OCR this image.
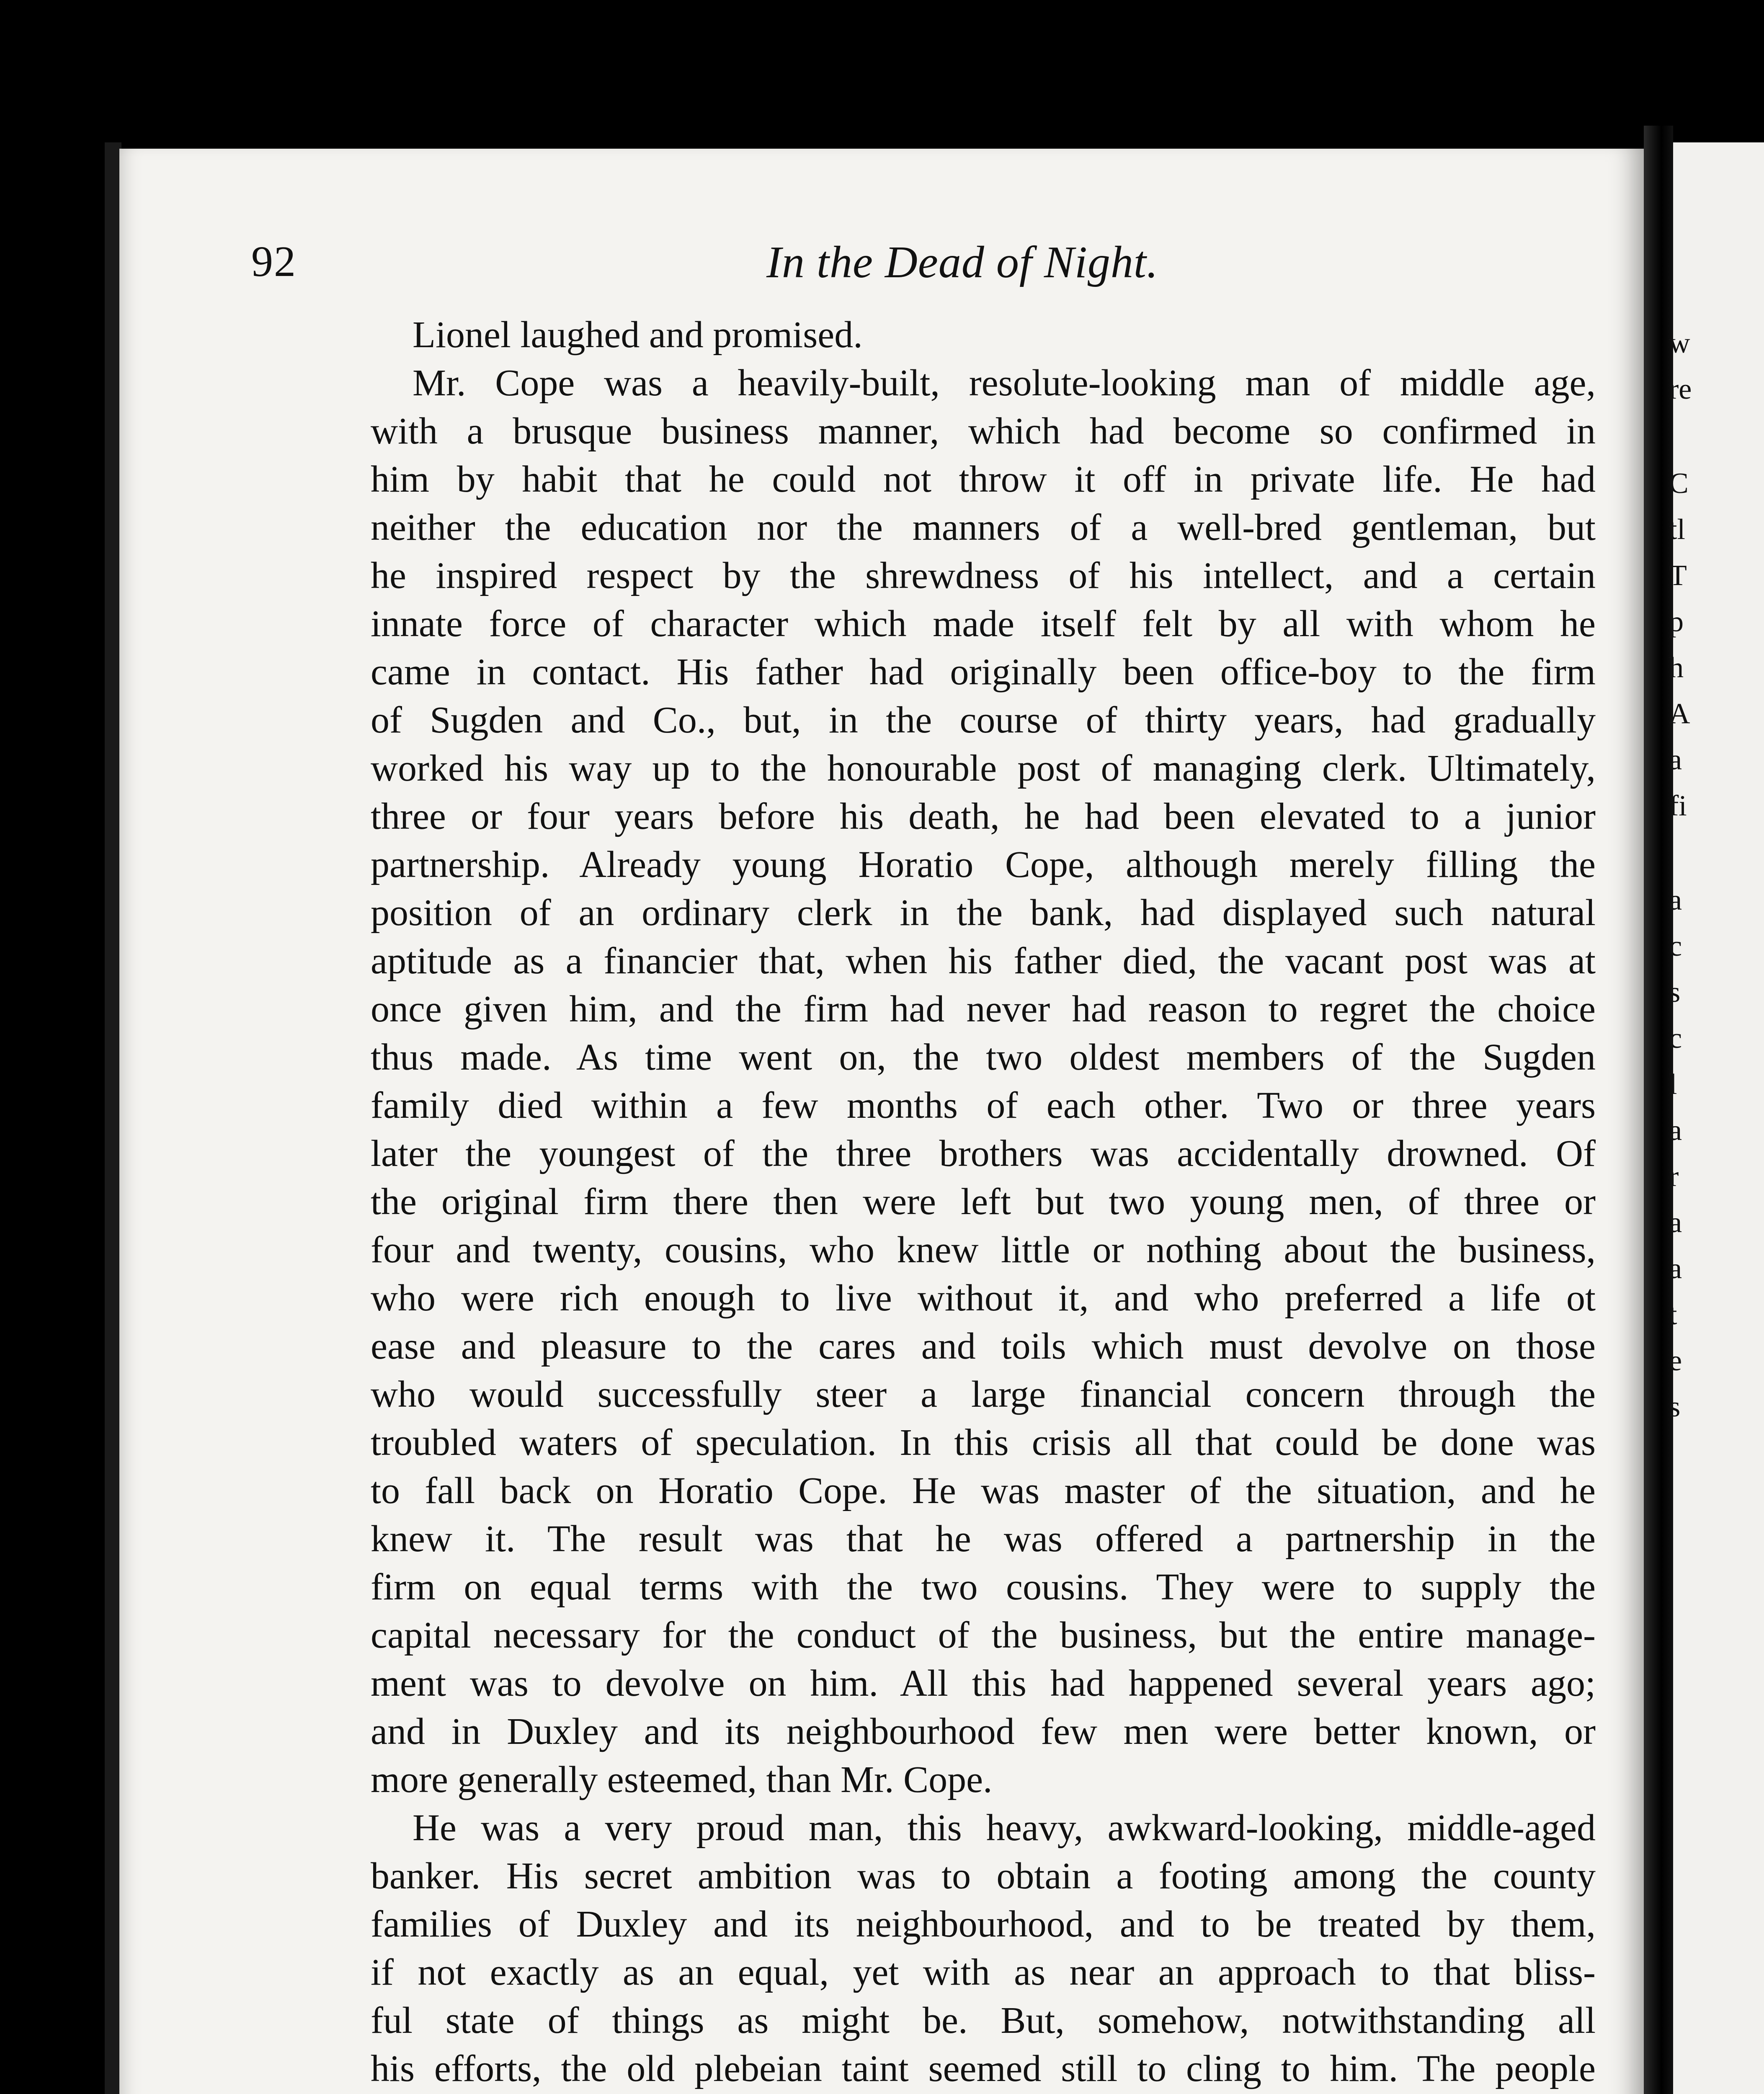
92	In the Dead of Night.
Lionel laughed and promised.
Mr. Cope was a heavily-built, resolute-looking man of middle age,
with a brusque business manner, which had become so confirmed in
him by habit that he could not throw it off in private life. He had
neither the education nor the manners of a well-bred gentleman, but
he inspired respect by the shrewdness of his intellect, and a certain
innate force of character which made itself felt by all with whom he
came in contact. His father had originally been office-boy to the firm
of Sugden and Co., but, in the course of thirty years, had gradually
worked his way up to the honourable post of managing clerk. Ultimately,
three or four years before his death, he had been elevated to a junior
partnership. Already young Horatio Cope, although merely filling the
position of an ordinary clerk in the bank, had displayed such natural
aptitude as a financier that, when his father died, the vacant post was at
once given him, and the firm had never had reason to regret the choice
thus made. As time went on, the two oldest members of the Sugden
family died within a few months of each other. Two or three years
later the youngest of the three brothers was accidentally drowned. Of
the original firm there then were left but two young men, of three or
four and twenty, cousins, who knew little or nothing about the business,
who were rich enough to live without it, and who preferred a life ot
ease and pleasure to the cares and toils which must devolve on those
who would successfully steer a large financial concern through the
troubled waters of speculation. In this crisis all that could be done was
to fall back on Horatio Cope. He was master of the situation, and he
knew it. The result was that he was offered a partnership in the
firm on equal terms with the two cousins. They were to supply the
capital necessary for the conduct of the business, but the entire manage-
ment was to devolve on him. All this had happened several years ago;
and in Duxley and its neighbourhood few men were better known, or
more generally esteemed, than Mr. Cope.
He was a very proud man, this heavy, awkward-looking, middle-aged
banker. His secret ambition was to obtain a footing among the county
families of Duxley and its neighbourhood, and to be treated by them,
if not exactly as an equal, yet with as near an approach to that bliss-
ful state of things as might be. But, somehow, notwithstanding all
his efforts, the old plebeian taint seemed still to cling to him. The people
w
re
C
tl
T
p
h
A
a
fi
a
c
s
c
l
a
r
a
a
t
e
s
